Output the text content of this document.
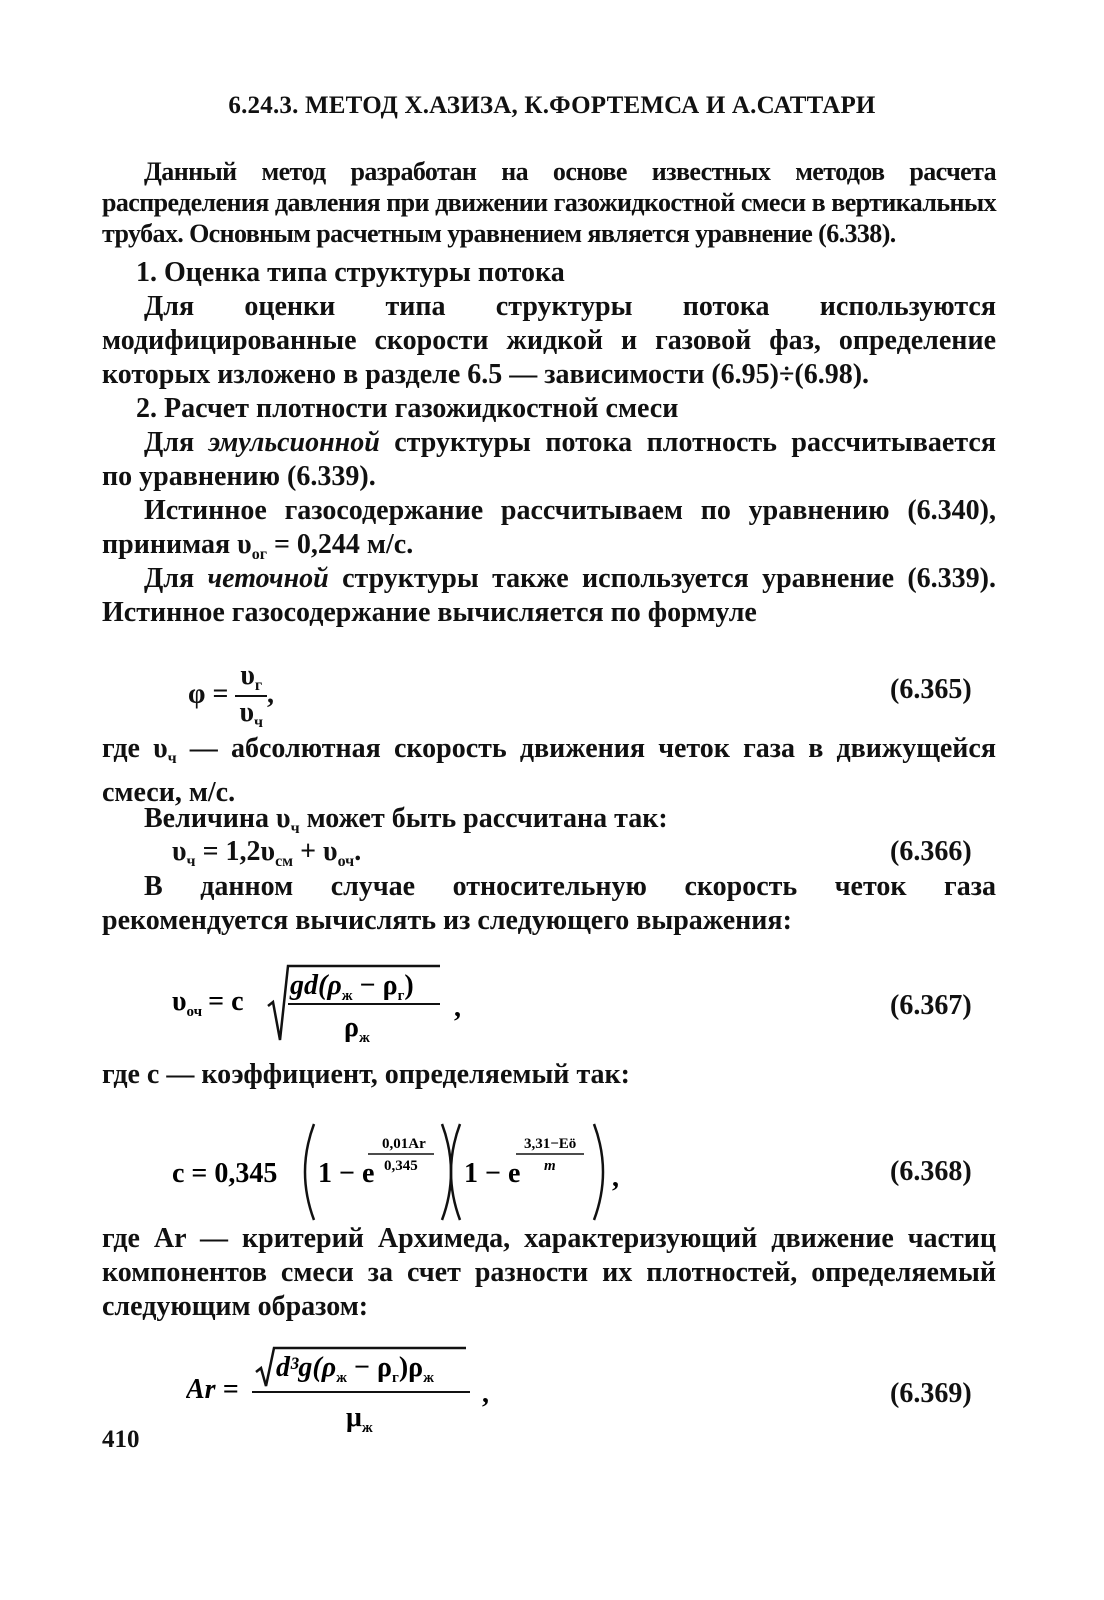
6.24.3. МЕТОД Х.АЗИЗА, К.ФОРТЕМСА И А.САТТАРИ

Данный метод разработан на основе известных методов расчета распределения давления при движении газожидкостной смеси в вертикальных трубах. Основным расчетным уравнением является уравнение (6.338).

1. Оценка типа структуры потока

Для оценки типа структуры потока используются модифицированные скорости жидкой и газовой фаз, определение которых изложено в разделе 6.5 — зависимости (6.95)÷(6.98).

2. Расчет плотности газожидкостной смеси

Для эмульсионной структуры потока плотность рассчитывается по уравнению (6.339).

Истинное газосодержание рассчитываем по уравнению (6.340), принимая $\upsilon_{ог} = 0,244$ м/с.

Для четочной структуры также используется уравнение (6.339). Истинное газосодержание вычисляется по формуле

$\varphi = \frac{\upsilon_г}{\upsilon_ч}$ ,	(6.365)

где $\upsilon_ч$ — абсолютная скорость движения четок газа в движущейся смеси, м/с.

Величина $\upsilon_ч$ может быть рассчитана так:

$\upsilon_ч = 1,2\upsilon_{см} + \upsilon_{оч}$.	(6.366)

В данном случае относительную скорость четок газа рекомендуется вычислять из следующего выражения:

$\upsilon_{оч} = c$
$gd(\rho_ж - \rho_г)$
$\rho_ж$
,	(6.367)

где c — коэффициент, определяемый так:

c = 0,345 1 − e
0,01Ar
0,345 1 − e
3,31−Eö
m ,	(6.368)

где Ar — критерий Архимеда, характеризующий движение частиц компонентов смеси за счет разности их плотностей, определяемый следующим образом:

Ar =
$d^3g(\rho_ж - \rho_г)\rho_ж$
$\mu_ж$
,	(6.369)
410
